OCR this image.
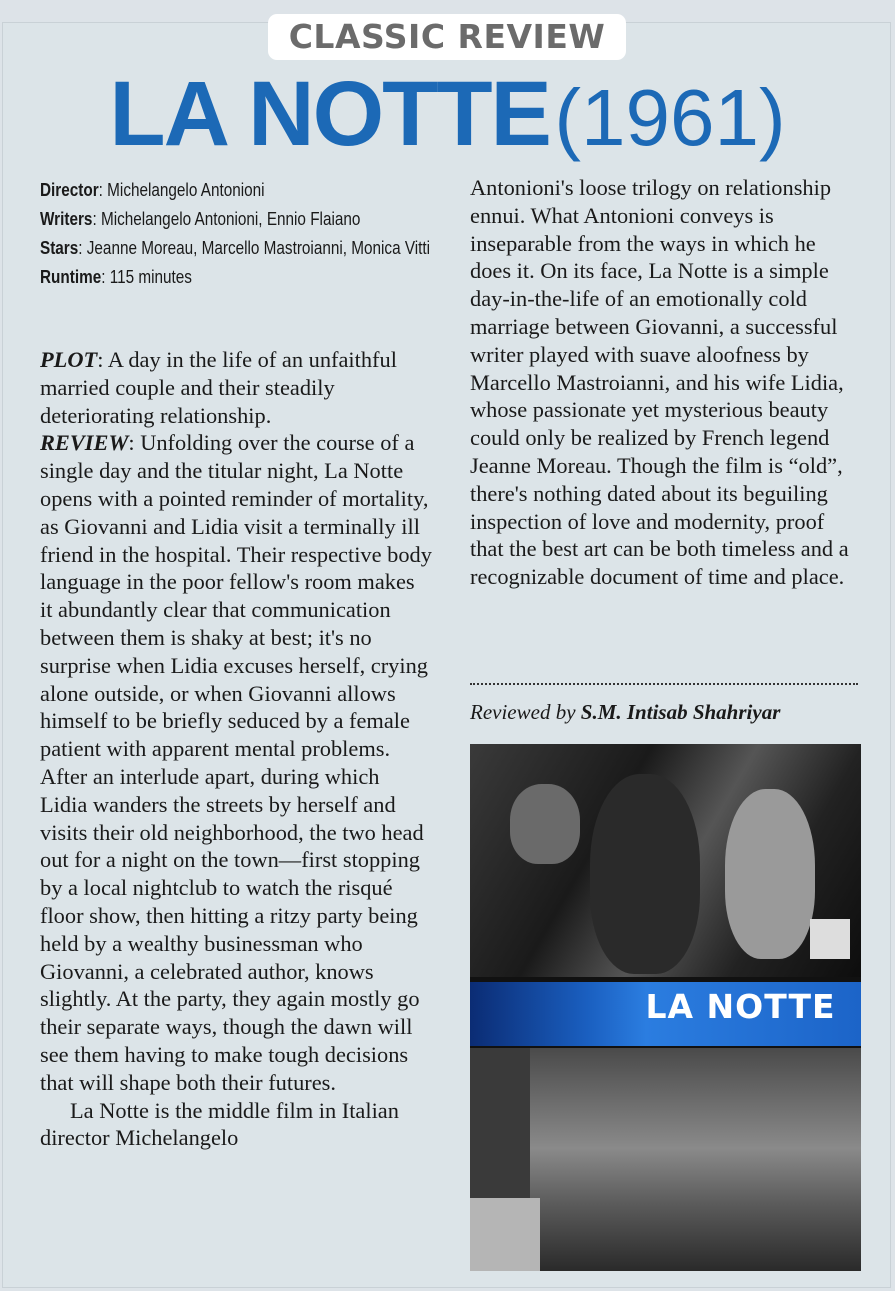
CLASSIC REVIEW
LA NOTTE (1961)
Director: Michelangelo Antonioni
Writers: Michelangelo Antonioni, Ennio Flaiano
Stars: Jeanne Moreau, Marcello Mastroianni, Monica Vitti
Runtime: 115 minutes

PLOT: A day in the life of an unfaithful married couple and their steadily deteriorating relationship.

REVIEW: Unfolding over the course of a single day and the titular night, La Notte opens with a pointed reminder of mortality, as Giovanni and Lidia visit a terminally ill friend in the hospital. Their respective body language in the poor fellow's room makes it abundantly clear that communication between them is shaky at best; it's no surprise when Lidia excuses herself, crying alone outside, or when Giovanni allows himself to be briefly seduced by a female patient with apparent mental problems. After an interlude apart, during which Lidia wanders the streets by herself and visits their old neighborhood, the two head out for a night on the town—first stopping by a local nightclub to watch the risqué floor show, then hitting a ritzy party being held by a wealthy businessman who Giovanni, a celebrated author, knows slightly. At the party, they again mostly go their separate ways, though the dawn will see them having to make tough decisions that will shape both their futures.

La Notte is the middle film in Italian director Michelangelo

Antonioni's loose trilogy on relationship ennui. What Antonioni conveys is inseparable from the ways in which he does it. On its face, La Notte is a simple day-in-the-life of an emotionally cold marriage between Giovanni, a successful writer played with suave aloofness by Marcello Mastroianni, and his wife Lidia, whose passionate yet mysterious beauty could only be realized by French legend Jeanne Moreau. Though the film is “old”, there's nothing dated about its beguiling inspection of love and modernity, proof that the best art can be both timeless and a recognizable document of time and place.

Reviewed by S.M. Intisab Shahriyar
LA NOTTE
